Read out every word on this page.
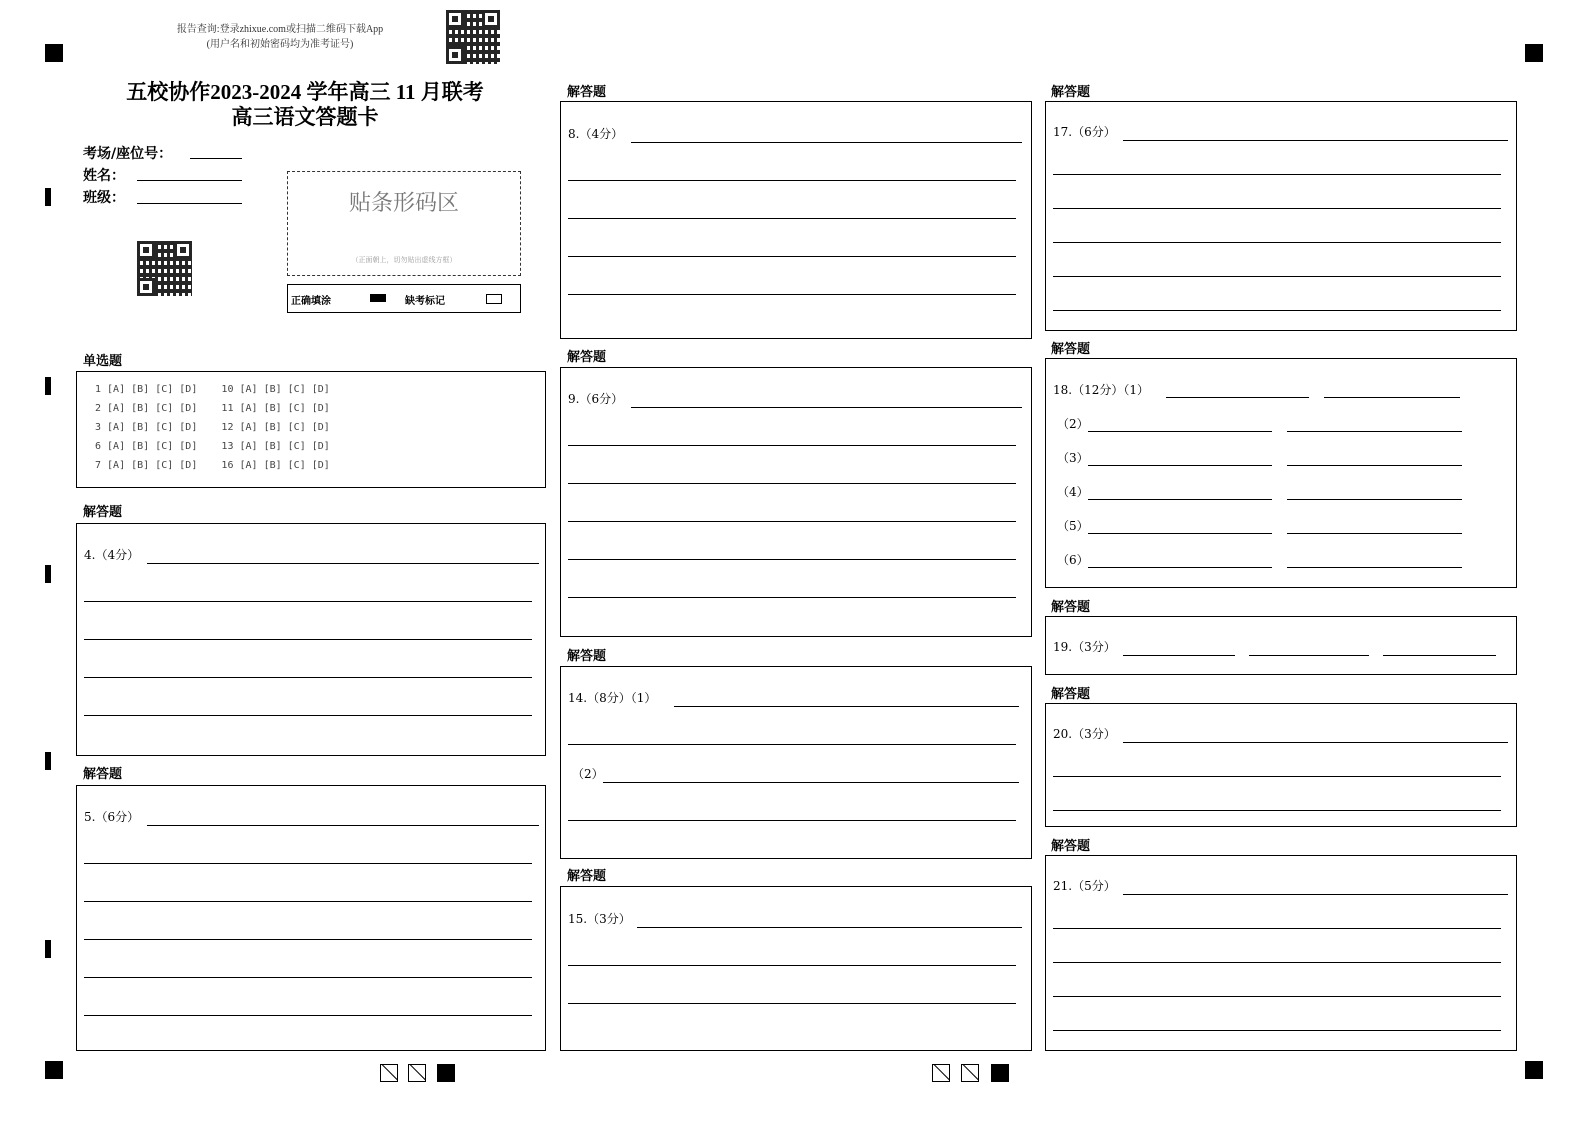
报告查询:登录zhixue.com或扫描二维码下载App
(用户名和初始密码均为准考证号)
五校协作2023-2024 学年高三 11 月联考
高三语文答题卡
考场/座位号：
姓名：
班级：	贴条形码区
（正面朝上，切勿贴出虚线方框）
正确填涂	缺考标记
单选题
1 [A] [B] [C] [D]    10 [A] [B] [C] [D]
2 [A] [B] [C] [D]    11 [A] [B] [C] [D]
3 [A] [B] [C] [D]    12 [A] [B] [C] [D]
6 [A] [B] [C] [D]    13 [A] [B] [C] [D]
7 [A] [B] [C] [D]    16 [A] [B] [C] [D]
解答题
4.（4分）
解答题
5.（6分）
解答题
8.（4分）
解答题
9.（6分）
解答题
14.（8分）（1）
（2）
解答题
15.（3分）
解答题
17.（6分）
解答题
18.（12分）（1）
（2）
（3）
（4）
（5）
（6）
解答题
19.（3分）
解答题
20.（3分）
解答题
21.（5分）
